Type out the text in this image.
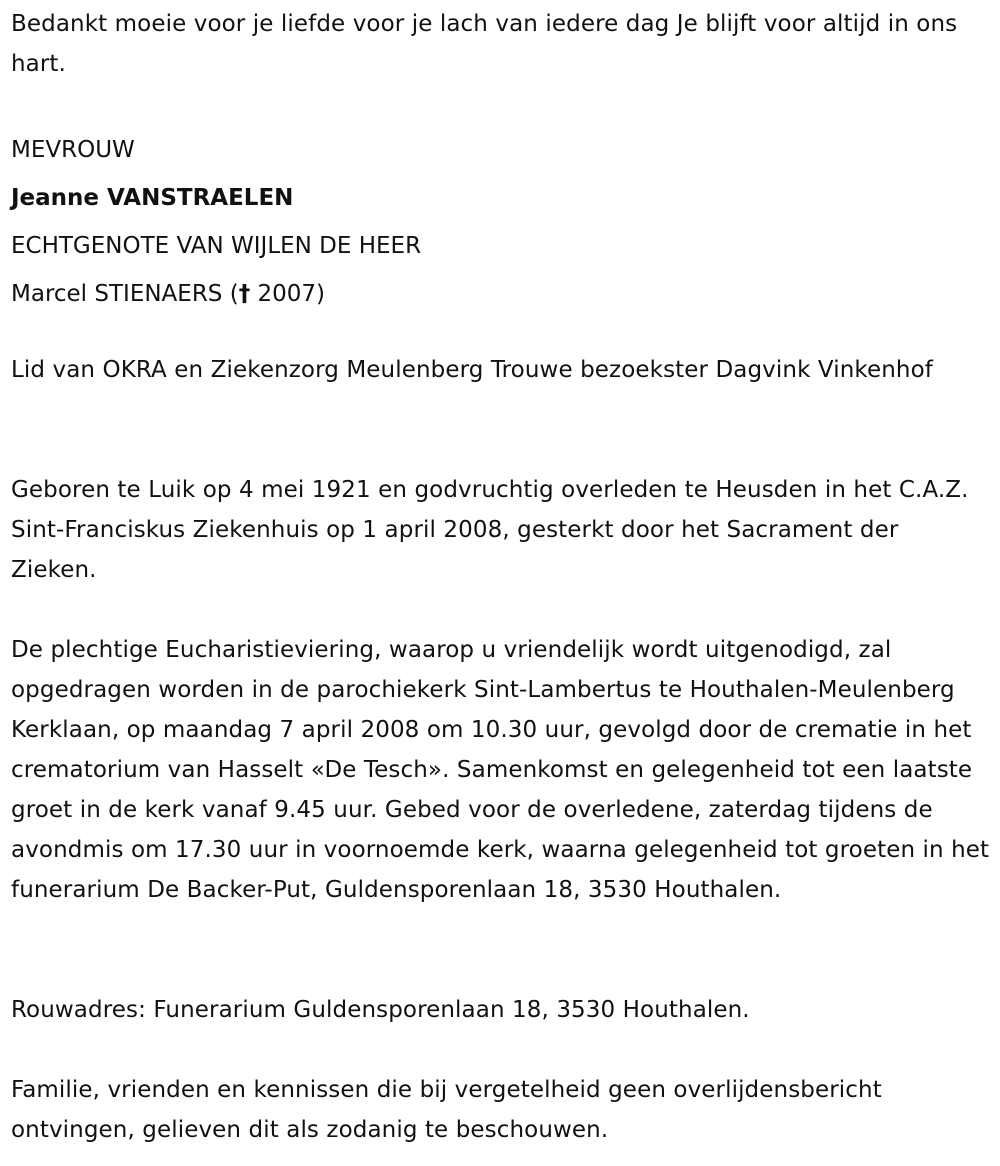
Bedankt moeie voor je liefde voor je lach van iedere dag Je blijft voor altijd in ons hart.

MEVROUW
Jeanne VANSTRAELEN
ECHTGENOTE VAN WIJLEN DE HEER
Marcel STIENAERS († 2007)

Lid van OKRA en Ziekenzorg Meulenberg Trouwe bezoekster Dagvink Vinkenhof

Geboren te Luik op 4 mei 1921 en godvruchtig overleden te Heusden in het C.A.Z. Sint-Franciskus Ziekenhuis op 1 april 2008, gesterkt door het Sacrament der Zieken.

De plechtige Eucharistieviering, waarop u vriendelijk wordt uitgenodigd, zal opgedragen worden in de parochiekerk Sint-Lambertus te Houthalen-Meulenberg Kerklaan, op maandag 7 april 2008 om 10.30 uur, gevolgd door de crematie in het crematorium van Hasselt «De Tesch». Samenkomst en gelegenheid tot een laatste groet in de kerk vanaf 9.45 uur. Gebed voor de overledene, zaterdag tijdens de avondmis om 17.30 uur in voornoemde kerk, waarna gelegenheid tot groeten in het funerarium De Backer-Put, Guldensporenlaan 18, 3530 Houthalen.

Rouwadres: Funerarium Guldensporenlaan 18, 3530 Houthalen.

Familie, vrienden en kennissen die bij vergetelheid geen overlijdensbericht ontvingen, gelieven dit als zodanig te beschouwen.
